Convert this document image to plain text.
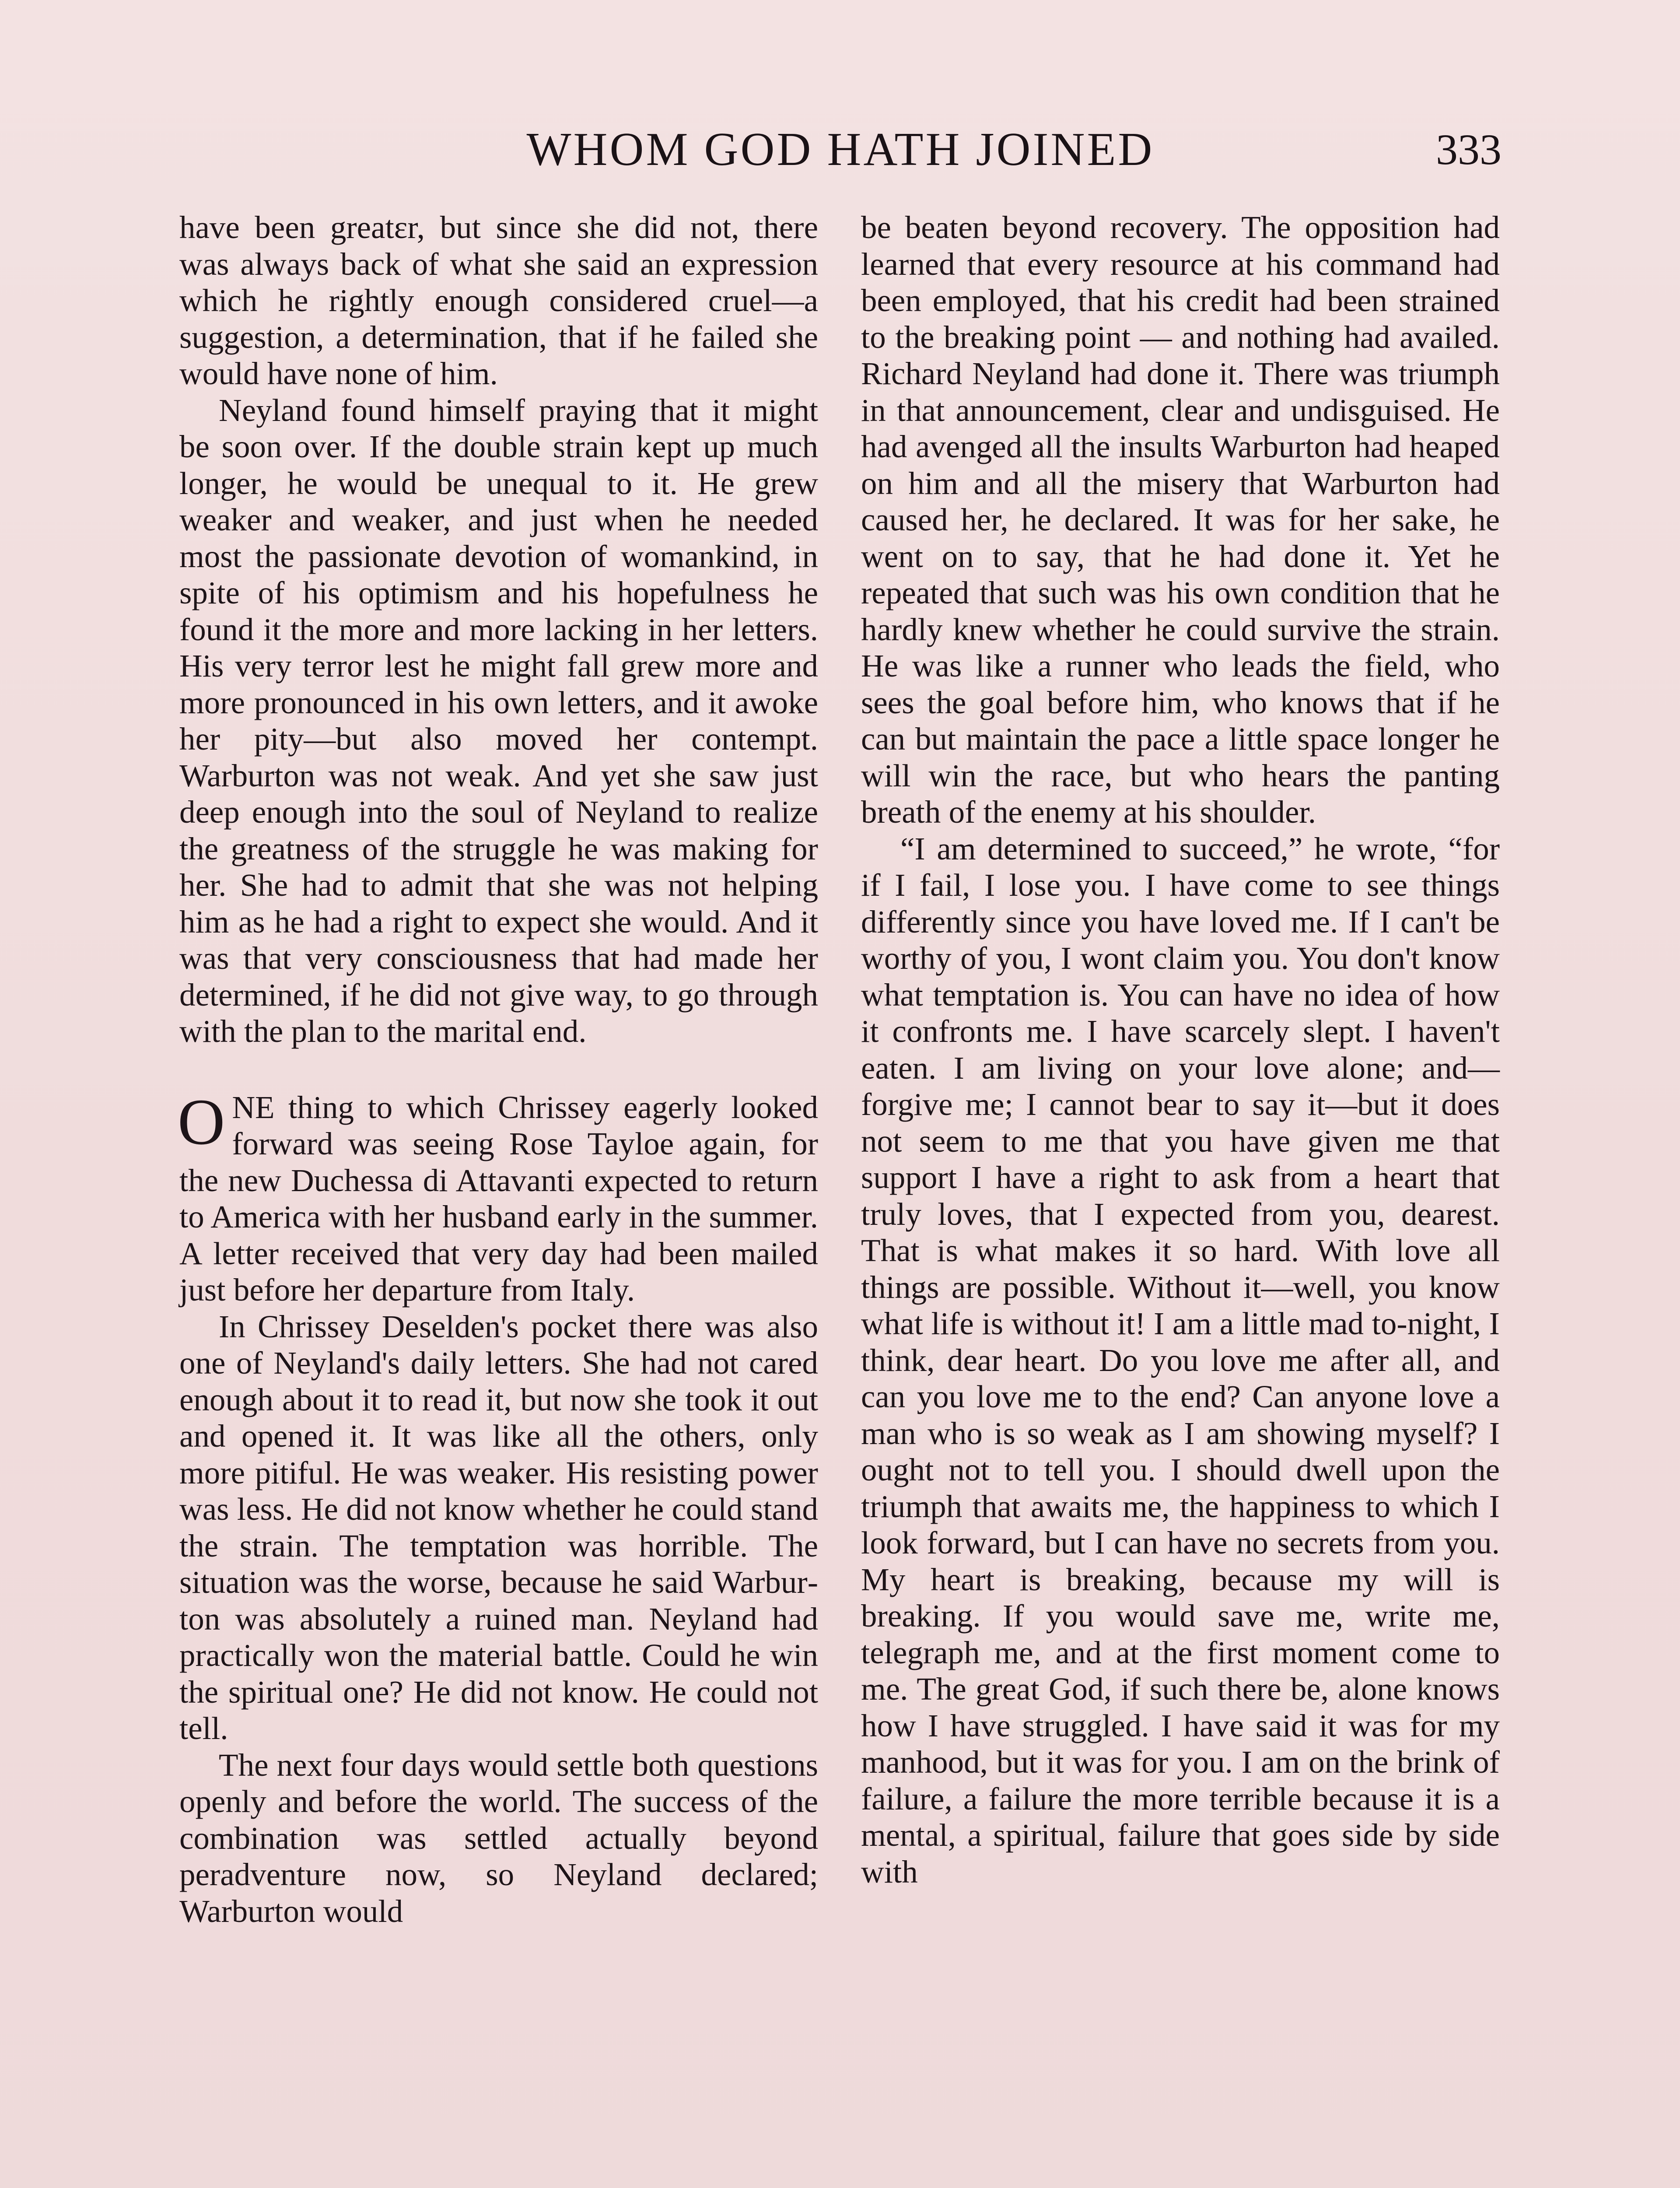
WHOM GOD HATH JOINED	333

have been greatεr, but since she did not, there was always back of what she said an expression which he rightly enough considered cruel—a suggestion, a determination, that if he failed she would have none of him.

Neyland found himself praying that it might be soon over. If the double strain kept up much longer, he would be unequal to it. He grew weaker and weaker, and just when he needed most the passionate devotion of womankind, in spite of his optimism and his hopefulness he found it the more and more lacking in her letters. His very terror lest he might fall grew more and more pronounced in his own letters, and it awoke her pity—but also moved her contempt. Warburton was not weak. And yet she saw just deep enough into the soul of Neyland to realize the greatness of the struggle he was making for her. She had to admit that she was not helping him as he had a right to expect she would. And it was that very consciousness that had made her determined, if he did not give way, to go through with the plan to the marital end.

ONE thing to which Chrissey eagerly looked forward was seeing Rose Tayloe again, for the new Duchessa di Attavanti expected to return to America with her husband early in the summer. A letter received that very day had been mailed just before her departure from Italy.

In Chrissey Deselden's pocket there was also one of Neyland's daily letters. She had not cared enough about it to read it, but now she took it out and opened it. It was like all the others, only more pitiful. He was weaker. His resisting power was less. He did not know whether he could stand the strain. The temptation was horrible. The situation was the worse, because he said Warburton was absolutely a ruined man. Neyland had practically won the material battle. Could he win the spiritual one? He did not know. He could not tell.

The next four days would settle both questions openly and before the world. The success of the combination was settled actually beyond peradventure now, so Neyland declared; Warburton would

be beaten beyond recovery. The opposition had learned that every resource at his command had been employed, that his credit had been strained to the breaking point — and nothing had availed. Richard Neyland had done it. There was triumph in that announcement, clear and undisguised. He had avenged all the insults Warburton had heaped on him and all the misery that Warburton had caused her, he declared. It was for her sake, he went on to say, that he had done it. Yet he repeated that such was his own condition that he hardly knew whether he could survive the strain. He was like a runner who leads the field, who sees the goal before him, who knows that if he can but maintain the pace a little space longer he will win the race, but who hears the panting breath of the enemy at his shoulder.

“I am determined to succeed,” he wrote, “for if I fail, I lose you. I have come to see things differently since you have loved me. If I can't be worthy of you, I wont claim you. You don't know what temptation is. You can have no idea of how it confronts me. I have scarcely slept. I haven't eaten. I am living on your love alone; and—forgive me; I cannot bear to say it—but it does not seem to me that you have given me that support I have a right to ask from a heart that truly loves, that I expected from you, dearest. That is what makes it so hard. With love all things are possible. Without it—well, you know what life is without it! I am a little mad to-night, I think, dear heart. Do you love me after all, and can you love me to the end? Can anyone love a man who is so weak as I am showing myself? I ought not to tell you. I should dwell upon the triumph that awaits me, the happiness to which I look forward, but I can have no secrets from you. My heart is breaking, because my will is breaking. If you would save me, write me, telegraph me, and at the first moment come to me. The great God, if such there be, alone knows how I have struggled. I have said it was for my manhood, but it was for you. I am on the brink of failure, a failure the more terrible because it is a mental, a spiritual, failure that goes side by side with
